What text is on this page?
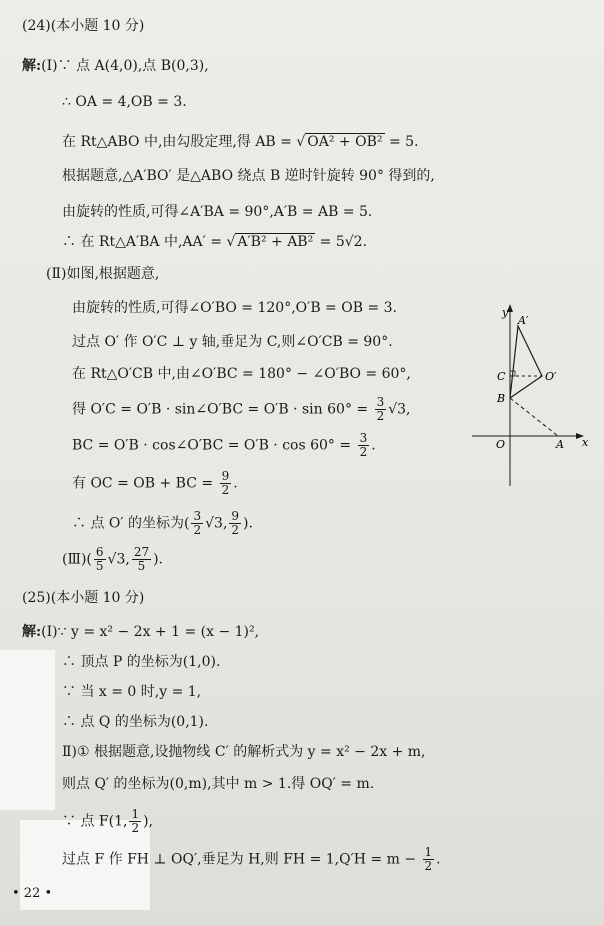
(24)(本小题 10 分)
解:(Ⅰ)∵ 点 A(4,0),点 B(0,3),
∴ OA = 4,OB = 3.
在 Rt△ABO 中,由勾股定理,得 AB = √ OA² + OB² = 5.
根据题意,△A′BO′ 是△ABO 绕点 B 逆时针旋转 90° 得到的,
由旋转的性质,可得∠A′BA = 90°,A′B = AB = 5.
∴ 在 Rt△A′BA 中,AA′ = √ A′B² + AB² = 5√2.
(Ⅱ)如图,根据题意,
由旋转的性质,可得∠O′BO = 120°,O′B = OB = 3.
过点 O′ 作 O′C ⊥ y 轴,垂足为 C,则∠O′CB = 90°.
在 Rt△O′CB 中,由∠O′BC = 180° − ∠O′BO = 60°,
得 O′C = O′B · sin∠O′BC = $O'B \cdot \sin 60^\circ = \frac{3}{2} √3$,
BC = O′B · cos∠O′BC = $O'B \cdot \cos 60^\circ = \frac{3}{2}$ .
有 OC = OB + BC = $\frac{9}{2}$ .
∴ 点 O′ 的坐标为( $\frac{3}{2} √3$, $\frac{9}{2}$ ).
(Ⅲ)( $\frac{6}{5} √3$, $\frac{27}{5}$ ).
y
x
A′
C	O′
B
O	A
(25)(本小题 10 分)
解:(Ⅰ)∵ y = x² − 2x + 1 = (x − 1)²,
∴ 顶点 P 的坐标为(1,0).
∵ 当 x = 0 时,y = 1,
∴ 点 Q 的坐标为(0,1).
Ⅱ)① 根据题意,设抛物线 C′ 的解析式为 y = x² − 2x + m,
则点 Q′ 的坐标为(0,m),其中 m > 1.得 OQ′ = m.
∵ 点 F(1, $\frac{1}{2}$ ),
过点 F 作 FH ⊥ OQ′,垂足为 H,则 FH = $1,Q'H = m - \frac{1}{2}$ .
• 22 •
